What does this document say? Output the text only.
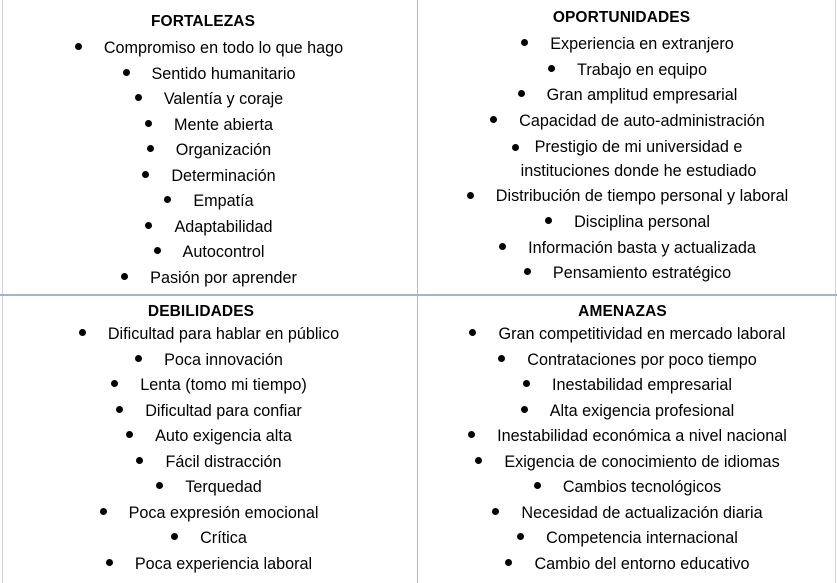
FORTALEZAS
Compromiso en todo lo que hago
Sentido humanitario
Valentía y coraje
Mente abierta
Organización
Determinación
Empatía
Adaptabilidad
Autocontrol
Pasión por aprender
OPORTUNIDADES
Experiencia en extranjero
Trabajo en equipo
Gran amplitud empresarial
Capacidad de auto-administración
Prestigio de mi universidad e instituciones donde he estudiado
Distribución de tiempo personal y laboral
Disciplina personal
Información basta y actualizada
Pensamiento estratégico
DEBILIDADES
Dificultad para hablar en público
Poca innovación
Lenta (tomo mi tiempo)
Dificultad para confiar
Auto exigencia alta
Fácil distracción
Terquedad
Poca expresión emocional
Crítica
Poca experiencia laboral
AMENAZAS
Gran competitividad en mercado laboral
Contrataciones por poco tiempo
Inestabilidad empresarial
Alta exigencia profesional
Inestabilidad económica a nivel nacional
Exigencia de conocimiento de idiomas
Cambios tecnológicos
Necesidad de actualización diaria
Competencia internacional
Cambio del entorno educativo
